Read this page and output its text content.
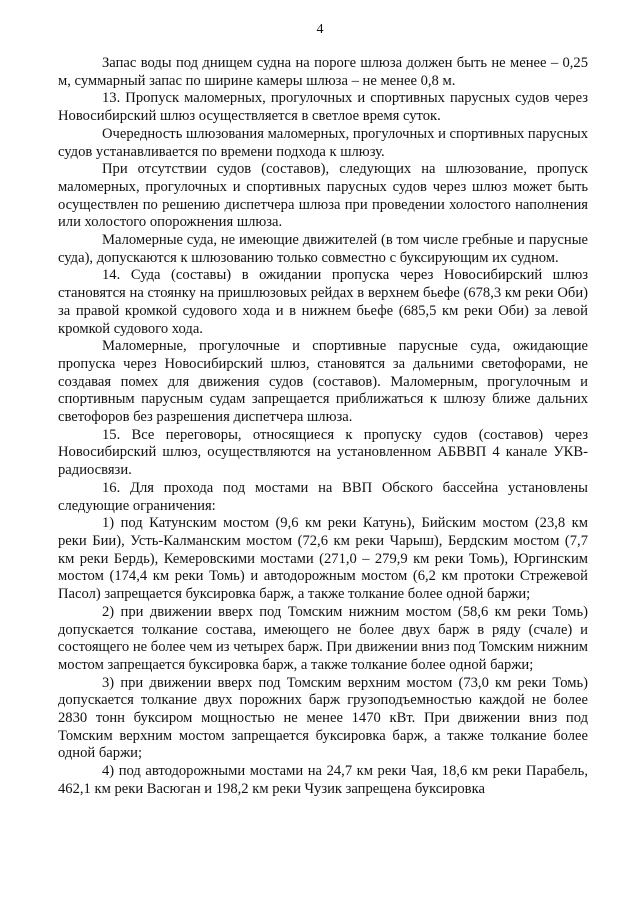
4

Запас воды под днищем судна на пороге шлюза должен быть не менее – 0,25 м, суммарный запас по ширине камеры шлюза – не менее 0,8 м.

13. Пропуск маломерных, прогулочных и спортивных парусных судов через Новосибирский шлюз осуществляется в светлое время суток.

Очередность шлюзования маломерных, прогулочных и спортивных парусных судов устанавливается по времени подхода к шлюзу.

При отсутствии судов (составов), следующих на шлюзование, пропуск маломерных, прогулочных и спортивных парусных судов через шлюз может быть осуществлен по решению диспетчера шлюза при проведении холостого наполнения или холостого опорожнения шлюза.

Маломерные суда, не имеющие движителей (в том числе гребные и парусные суда), допускаются к шлюзованию только совместно с буксирующим их судном.

14. Суда (составы) в ожидании пропуска через Новосибирский шлюз становятся на стоянку на пришлюзовых рейдах в верхнем бьефе (678,3 км реки Оби) за правой кромкой судового хода и в нижнем бьефе (685,5 км реки Оби) за левой кромкой судового хода.

Маломерные, прогулочные и спортивные парусные суда, ожидающие пропуска через Новосибирский шлюз, становятся за дальними светофорами, не создавая помех для движения судов (составов). Маломерным, прогулочным и спортивным парусным судам запрещается приближаться к шлюзу ближе дальних светофоров без разрешения диспетчера шлюза.

15. Все переговоры, относящиеся к пропуску судов (составов) через Новосибирский шлюз, осуществляются на установленном АБВВП 4 канале УКВ-радиосвязи.

16. Для прохода под мостами на ВВП Обского бассейна установлены следующие ограничения:

1) под Катунским мостом (9,6 км реки Катунь), Бийским мостом (23,8 км реки Бии), Усть-Калманским мостом (72,6 км реки Чарыш), Бердским мостом (7,7 км реки Бердь), Кемеровскими мостами (271,0 – 279,9 км реки Томь), Юргинским мостом (174,4 км реки Томь) и автодорожным мостом (6,2 км протоки Стрежевой Пасол) запрещается буксировка барж, а также толкание более одной баржи;

2) при движении вверх под Томским нижним мостом (58,6 км реки Томь) допускается толкание состава, имеющего не более двух барж в ряду (счале) и состоящего не более чем из четырех барж. При движении вниз под Томским нижним мостом запрещается буксировка барж, а также толкание более одной баржи;

3) при движении вверх под Томским верхним мостом (73,0 км реки Томь) допускается толкание двух порожних барж грузоподъемностью каждой не более 2830 тонн буксиром мощностью не менее 1470 кВт. При движении вниз под Томским верхним мостом запрещается буксировка барж, а также толкание более одной баржи;

4) под автодорожными мостами на 24,7 км реки Чая, 18,6 км реки Парабель, 462,1 км реки Васюган и 198,2 км реки Чузик запрещена буксировка
